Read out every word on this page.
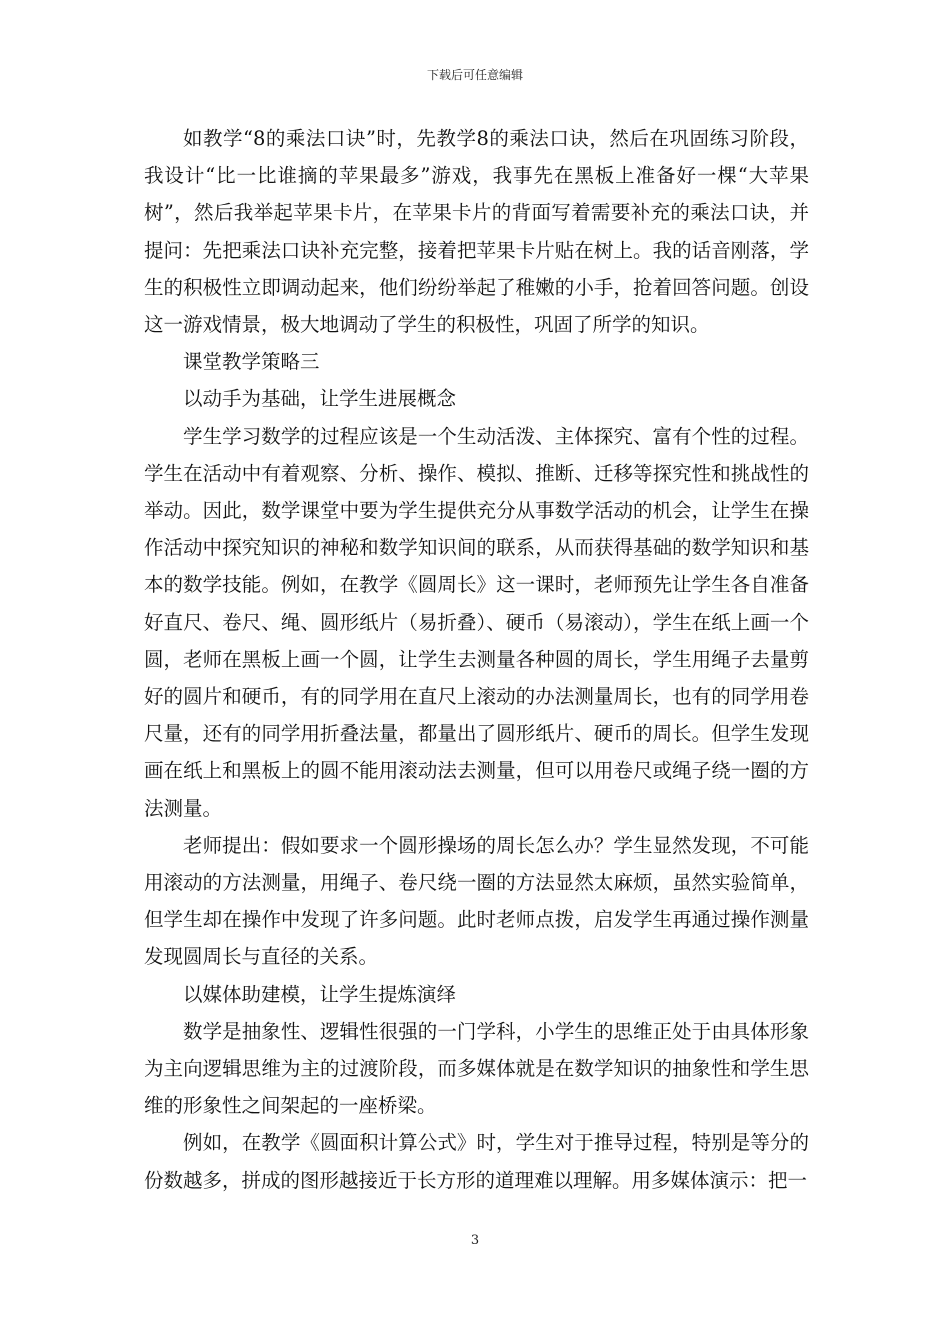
下载后可任意编辑

如教学“8的乘法口诀”时，先教学8的乘法口诀，然后在巩固练习阶段，我设计“比一比谁摘的苹果最多”游戏，我事先在黑板上准备好一棵“大苹果树”，然后我举起苹果卡片，在苹果卡片的背面写着需要补充的乘法口诀，并提问：先把乘法口诀补充完整，接着把苹果卡片贴在树上。我的话音刚落，学生的积极性立即调动起来，他们纷纷举起了稚嫩的小手，抢着回答问题。创设这一游戏情景，极大地调动了学生的积极性，巩固了所学的知识。

课堂教学策略三

以动手为基础，让学生进展概念

学生学习数学的过程应该是一个生动活泼、主体探究、富有个性的过程。学生在活动中有着观察、分析、操作、模拟、推断、迁移等探究性和挑战性的举动。因此，数学课堂中要为学生提供充分从事数学活动的机会，让学生在操作活动中探究知识的神秘和数学知识间的联系，从而获得基础的数学知识和基本的数学技能。例如，在教学《圆周长》这一课时，老师预先让学生各自准备好直尺、卷尺、绳、圆形纸片（易折叠）、硬币（易滚动），学生在纸上画一个圆，老师在黑板上画一个圆，让学生去测量各种圆的周长，学生用绳子去量剪好的圆片和硬币，有的同学用在直尺上滚动的办法测量周长，也有的同学用卷尺量，还有的同学用折叠法量，都量出了圆形纸片、硬币的周长。但学生发现画在纸上和黑板上的圆不能用滚动法去测量，但可以用卷尺或绳子绕一圈的方法测量。

老师提出：假如要求一个圆形操场的周长怎么办？学生显然发现，不可能用滚动的方法测量，用绳子、卷尺绕一圈的方法显然太麻烦，虽然实验简单，但学生却在操作中发现了许多问题。此时老师点拨，启发学生再通过操作测量发现圆周长与直径的关系。

以媒体助建模，让学生提炼演绎

数学是抽象性、逻辑性很强的一门学科，小学生的思维正处于由具体形象为主向逻辑思维为主的过渡阶段，而多媒体就是在数学知识的抽象性和学生思维的形象性之间架起的一座桥梁。

例如，在教学《圆面积计算公式》时，学生对于推导过程，特别是等分的份数越多，拼成的图形越接近于长方形的道理难以理解。用多媒体演示：把一

3
